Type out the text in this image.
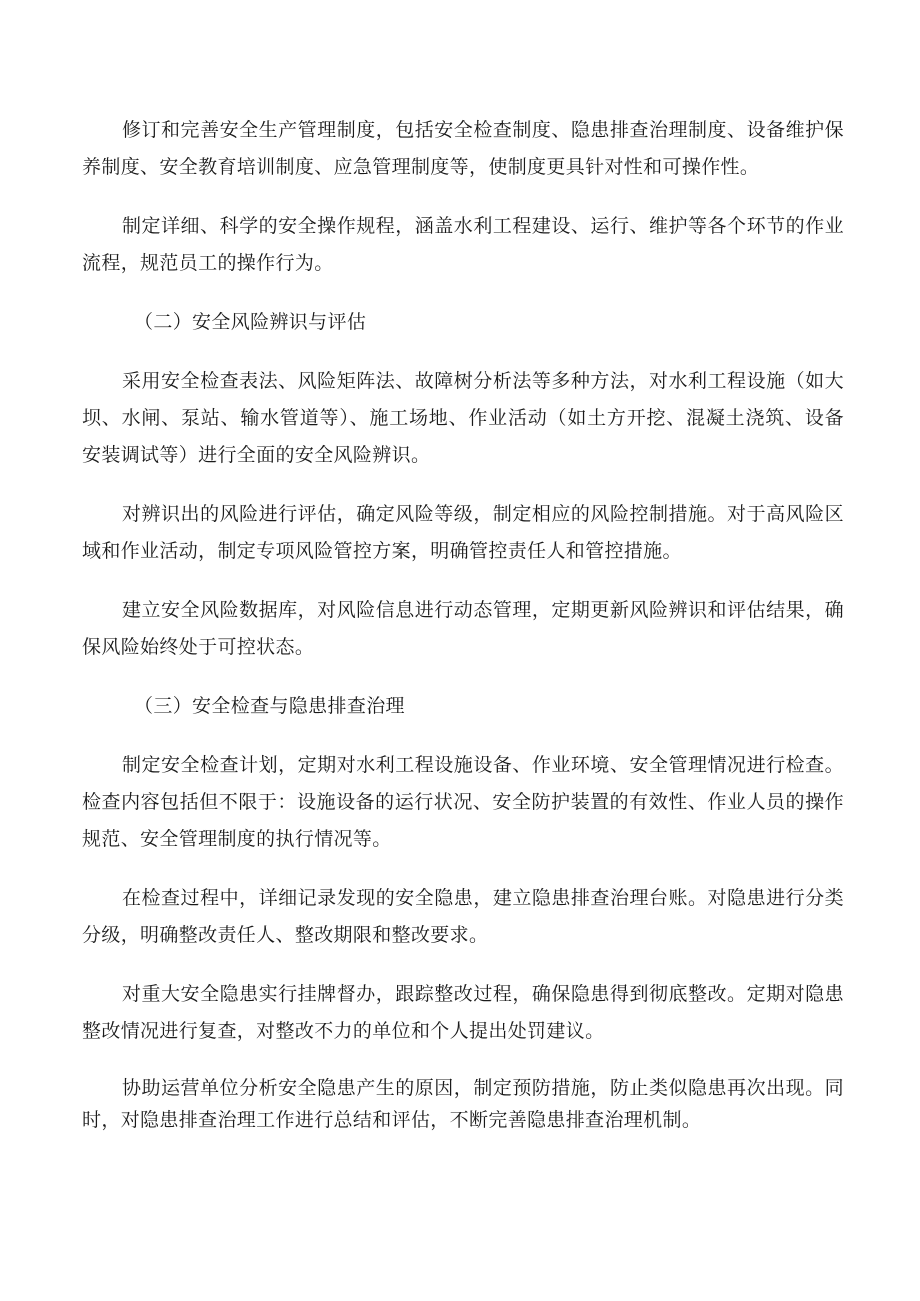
修订和完善安全生产管理制度，包括安全检查制度、隐患排查治理制度、设备维护保养制度、安全教育培训制度、应急管理制度等，使制度更具针对性和可操作性。

制定详细、科学的安全操作规程，涵盖水利工程建设、运行、维护等各个环节的作业流程，规范员工的操作行为。

（二）安全风险辨识与评估

采用安全检查表法、风险矩阵法、故障树分析法等多种方法，对水利工程设施（如大坝、水闸、泵站、输水管道等）、施工场地、作业活动（如土方开挖、混凝土浇筑、设备安装调试等）进行全面的安全风险辨识。

对辨识出的风险进行评估，确定风险等级，制定相应的风险控制措施。对于高风险区域和作业活动，制定专项风险管控方案，明确管控责任人和管控措施。

建立安全风险数据库，对风险信息进行动态管理，定期更新风险辨识和评估结果，确保风险始终处于可控状态。

（三）安全检查与隐患排查治理

制定安全检查计划，定期对水利工程设施设备、作业环境、安全管理情况进行检查。检查内容包括但不限于：设施设备的运行状况、安全防护装置的有效性、作业人员的操作规范、安全管理制度的执行情况等。

在检查过程中，详细记录发现的安全隐患，建立隐患排查治理台账。对隐患进行分类分级，明确整改责任人、整改期限和整改要求。

对重大安全隐患实行挂牌督办，跟踪整改过程，确保隐患得到彻底整改。定期对隐患整改情况进行复查，对整改不力的单位和个人提出处罚建议。

协助运营单位分析安全隐患产生的原因，制定预防措施，防止类似隐患再次出现。同时，对隐患排查治理工作进行总结和评估，不断完善隐患排查治理机制。
